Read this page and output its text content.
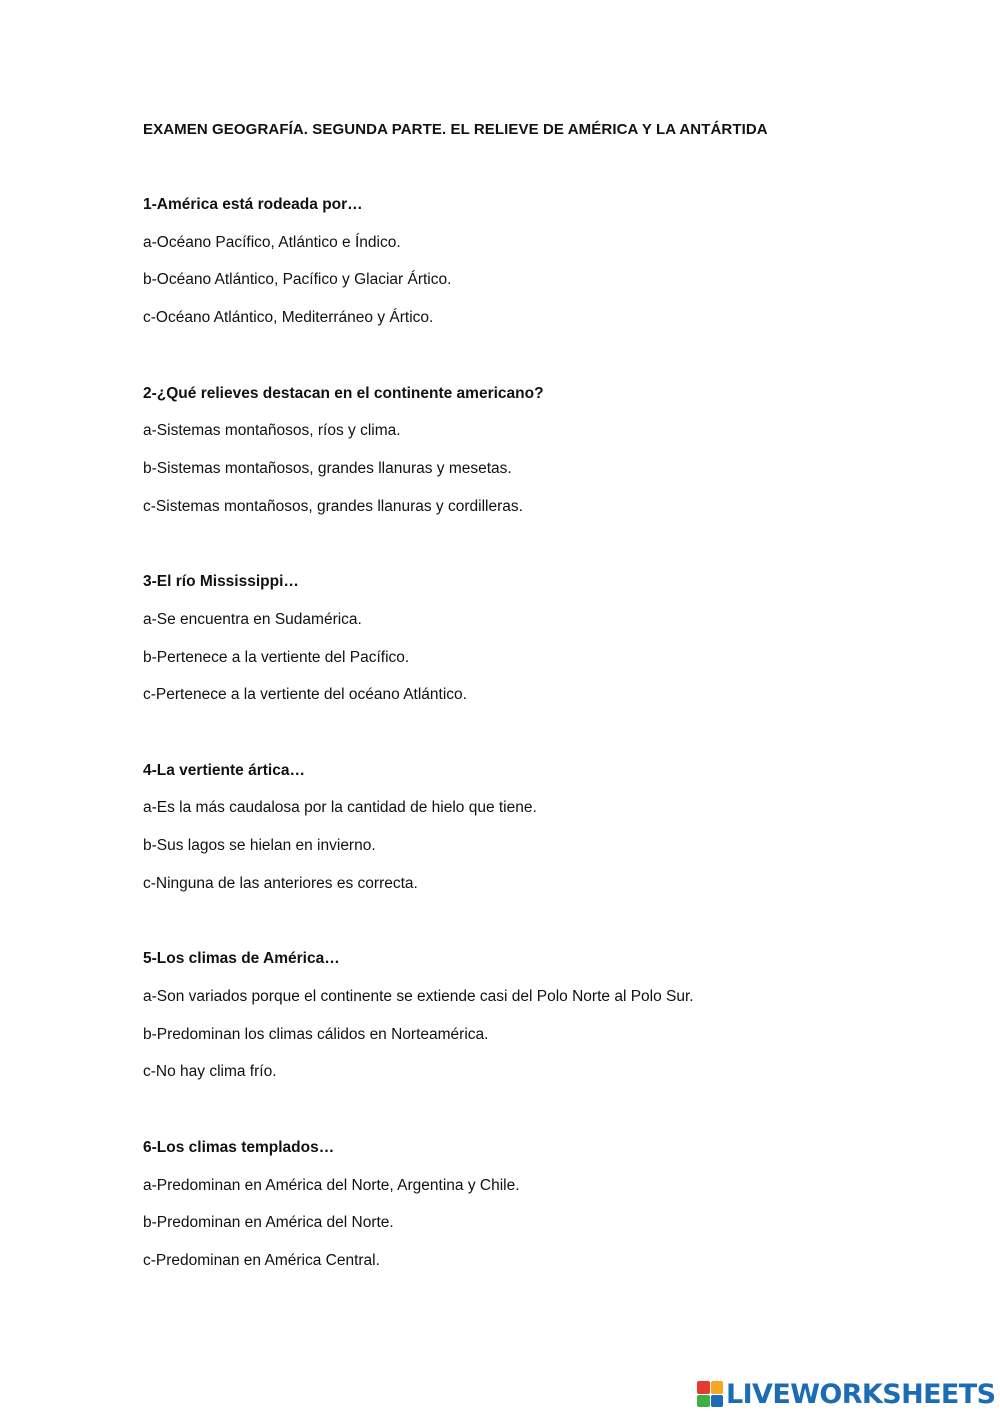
EXAMEN GEOGRAFÍA. SEGUNDA PARTE. EL RELIEVE DE AMÉRICA Y LA ANTÁRTIDA
1-América está rodeada por…
a-Océano Pacífico, Atlántico e Índico.
b-Océano Atlántico, Pacífico y Glaciar Ártico.
c-Océano Atlántico, Mediterráneo y Ártico.
2-¿Qué relieves destacan en el continente americano?
a-Sistemas montañosos, ríos y clima.
b-Sistemas montañosos, grandes llanuras y mesetas.
c-Sistemas montañosos, grandes llanuras y cordilleras.
3-El río Mississippi…
a-Se encuentra en Sudamérica.
b-Pertenece a la vertiente del Pacífico.
c-Pertenece a la vertiente del océano Atlántico.
4-La vertiente ártica…
a-Es la más caudalosa por la cantidad de hielo que tiene.
b-Sus lagos se hielan en invierno.
c-Ninguna de las anteriores es correcta.
5-Los climas de América…
a-Son variados porque el continente se extiende casi del Polo Norte al Polo Sur.
b-Predominan los climas cálidos en Norteamérica.
c-No hay clima frío.
6-Los climas templados…
a-Predominan en América del Norte, Argentina y Chile.
b-Predominan en América del Norte.
c-Predominan en América Central.
LIVEWORKSHEETS
